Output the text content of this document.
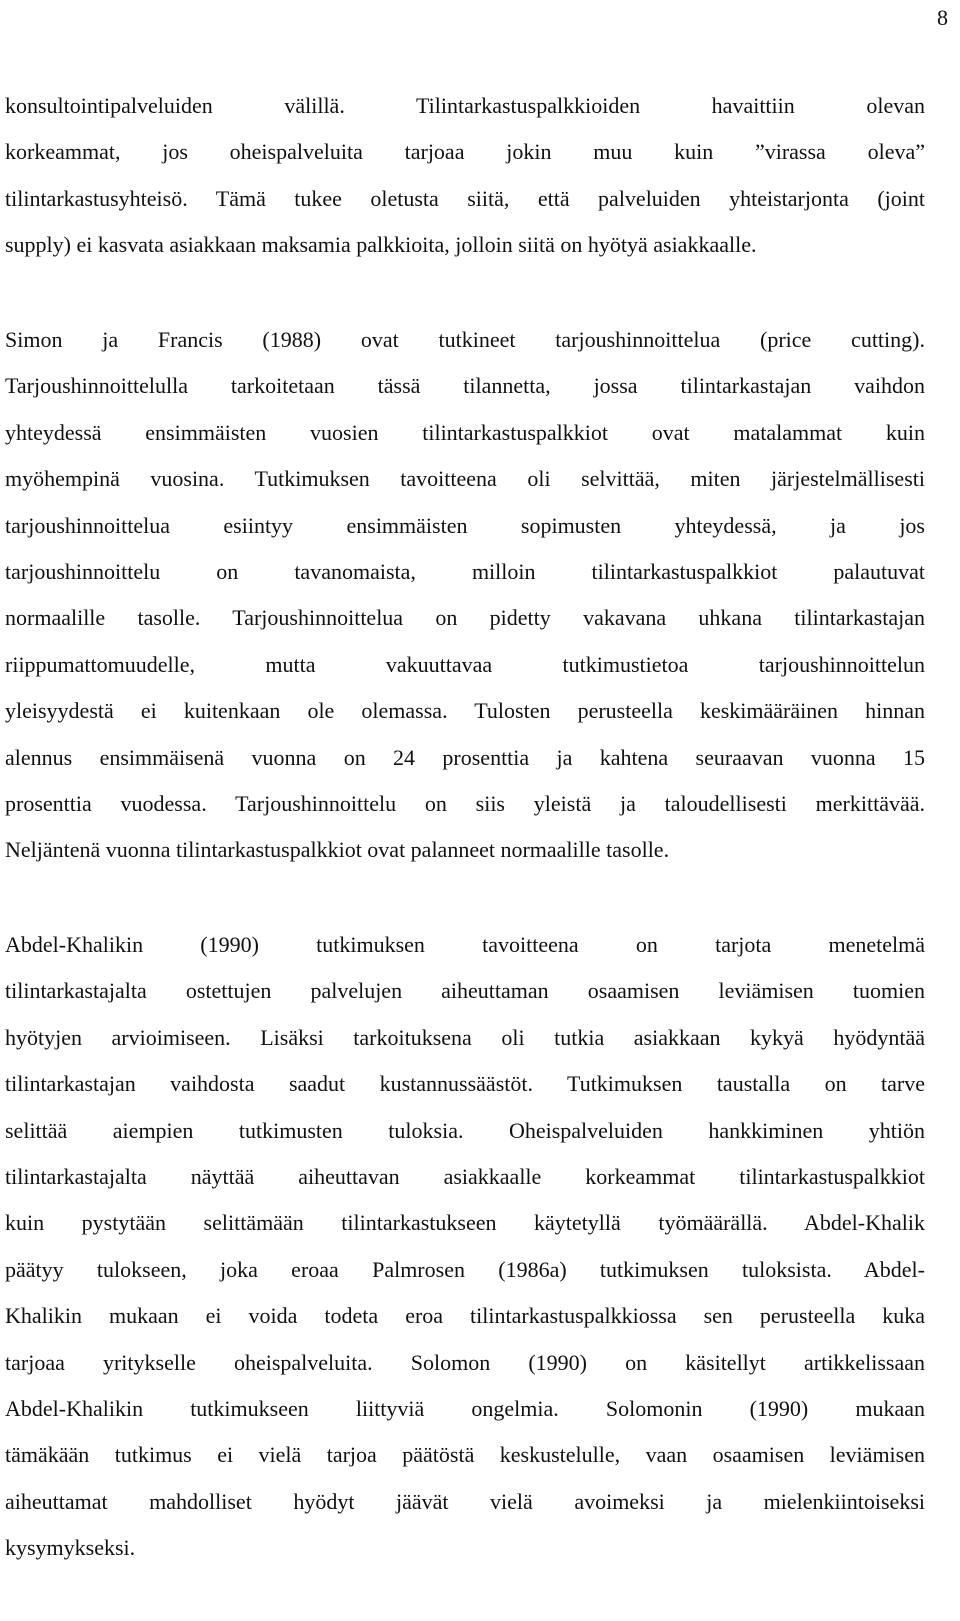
8
konsultointipalveluiden välillä. Tilintarkastuspalkkioiden havaittiin olevan
korkeammat, jos oheispalveluita tarjoaa jokin muu kuin ”virassa oleva”
tilintarkastusyhteisö. Tämä tukee oletusta siitä, että palveluiden yhteistarjonta (joint
supply) ei kasvata asiakkaan maksamia palkkioita, jolloin siitä on hyötyä asiakkaalle.
Simon ja Francis (1988) ovat tutkineet tarjoushinnoittelua (price cutting).
Tarjoushinnoittelulla tarkoitetaan tässä tilannetta, jossa tilintarkastajan vaihdon
yhteydessä ensimmäisten vuosien tilintarkastuspalkkiot ovat matalammat kuin
myöhempinä vuosina. Tutkimuksen tavoitteena oli selvittää, miten järjestelmällisesti
tarjoushinnoittelua esiintyy ensimmäisten sopimusten yhteydessä, ja jos
tarjoushinnoittelu on tavanomaista, milloin tilintarkastuspalkkiot palautuvat
normaalille tasolle. Tarjoushinnoittelua on pidetty vakavana uhkana tilintarkastajan
riippumattomuudelle, mutta vakuuttavaa tutkimustietoa tarjoushinnoittelun
yleisyydestä ei kuitenkaan ole olemassa. Tulosten perusteella keskimääräinen hinnan
alennus ensimmäisenä vuonna on 24 prosenttia ja kahtena seuraavan vuonna 15
prosenttia vuodessa. Tarjoushinnoittelu on siis yleistä ja taloudellisesti merkittävää.
Neljäntenä vuonna tilintarkastuspalkkiot ovat palanneet normaalille tasolle.
Abdel-Khalikin (1990) tutkimuksen tavoitteena on tarjota menetelmä
tilintarkastajalta ostettujen palvelujen aiheuttaman osaamisen leviämisen tuomien
hyötyjen arvioimiseen. Lisäksi tarkoituksena oli tutkia asiakkaan kykyä hyödyntää
tilintarkastajan vaihdosta saadut kustannussäästöt. Tutkimuksen taustalla on tarve
selittää aiempien tutkimusten tuloksia. Oheispalveluiden hankkiminen yhtiön
tilintarkastajalta näyttää aiheuttavan asiakkaalle korkeammat tilintarkastuspalkkiot
kuin pystytään selittämään tilintarkastukseen käytetyllä työmäärällä. Abdel-Khalik
päätyy tulokseen, joka eroaa Palmrosen (1986a) tutkimuksen tuloksista. Abdel-
Khalikin mukaan ei voida todeta eroa tilintarkastuspalkkiossa sen perusteella kuka
tarjoaa yritykselle oheispalveluita. Solomon (1990) on käsitellyt artikkelissaan
Abdel-Khalikin tutkimukseen liittyviä ongelmia. Solomonin (1990) mukaan
tämäkään tutkimus ei vielä tarjoa päätöstä keskustelulle, vaan osaamisen leviämisen
aiheuttamat mahdolliset hyödyt jäävät vielä avoimeksi ja mielenkiintoiseksi
kysymykseksi.
